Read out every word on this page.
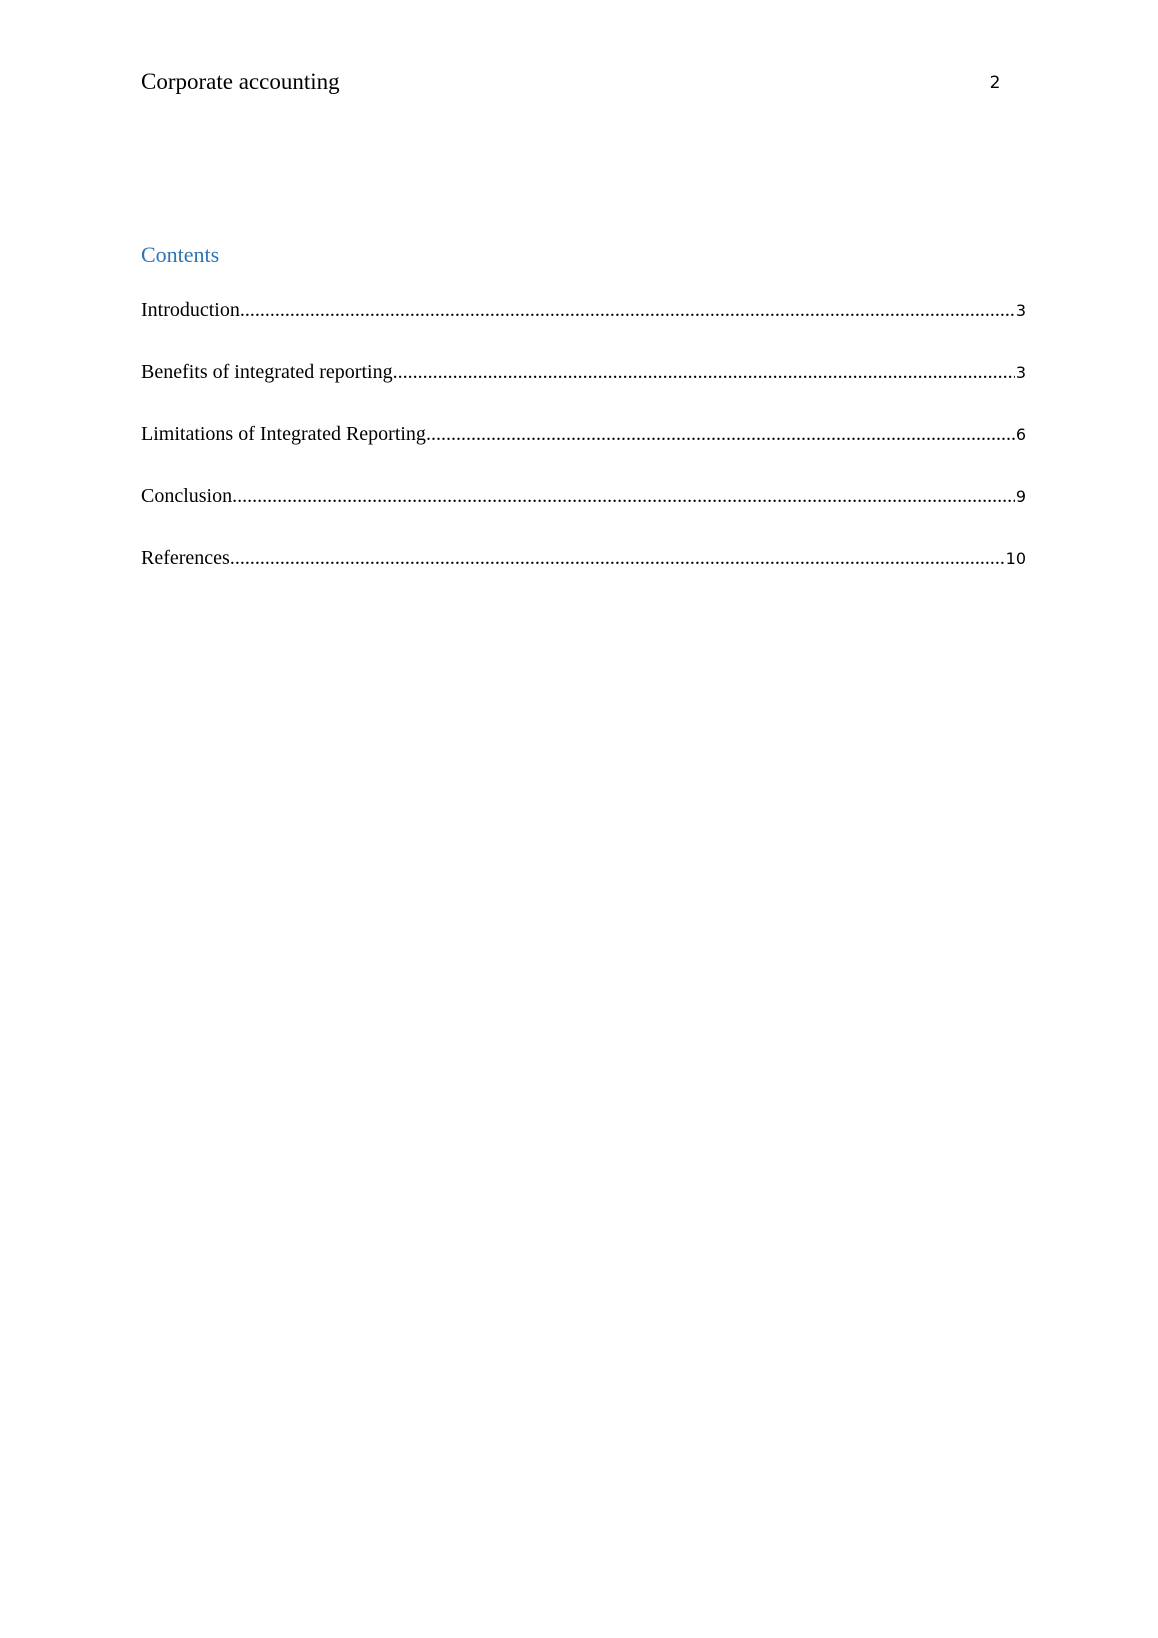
Corporate accounting	2
Contents
Introduction .....	3
Benefits of integrated reporting .....	3
Limitations of Integrated Reporting .....	6
Conclusion .....	9
References .....	10
